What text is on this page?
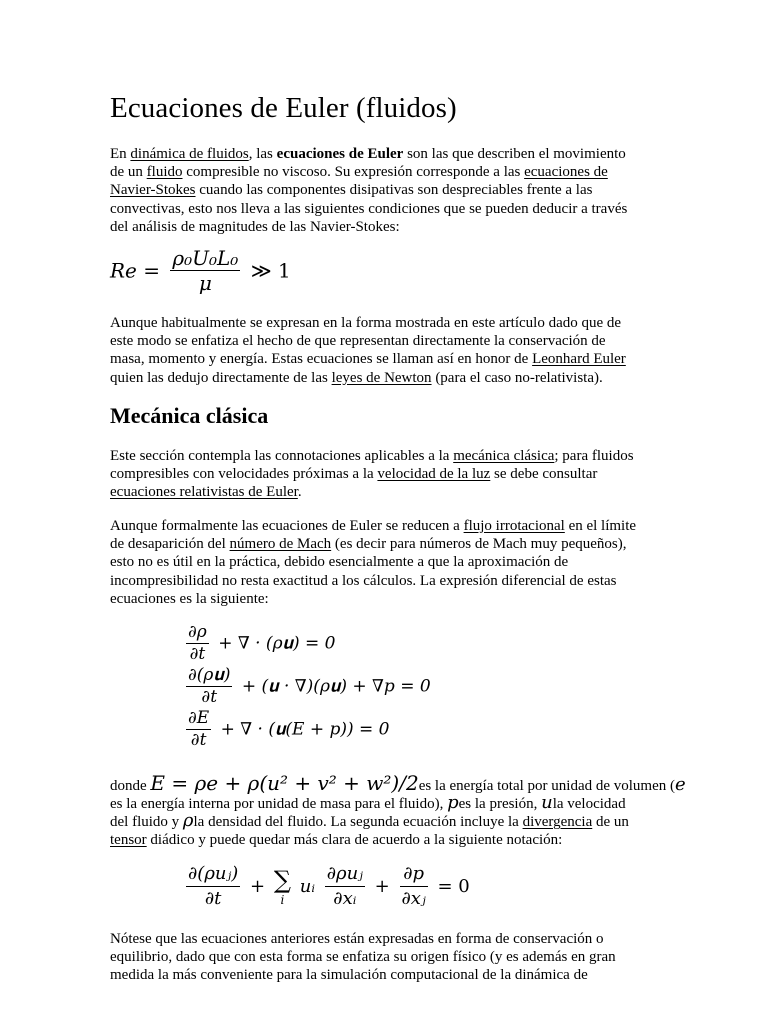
Ecuaciones de Euler (fluidos)
En dinámica de fluidos, las ecuaciones de Euler son las que describen el movimiento
de un fluido compresible no viscoso. Su expresión corresponde a las ecuaciones de
Navier-Stokes cuando las componentes disipativas son despreciables frente a las
convectivas, esto nos lleva a las siguientes condiciones que se pueden deducir a través
del análisis de magnitudes de las Navier-Stokes:
$Re = \frac{\text{ρ₀U₀L₀}}{\mu}$ ≫ 1
Aunque habitualmente se expresan en la forma mostrada en este artículo dado que de
este modo se enfatiza el hecho de que representan directamente la conservación de
masa, momento y energía. Estas ecuaciones se llaman así en honor de Leonhard Euler
quien las dedujo directamente de las leyes de Newton (para el caso no-relativista).
Mecánica clásica
Este sección contempla las connotaciones aplicables a la mecánica clásica; para fluidos
compresibles con velocidades próximas a la velocidad de la luz se debe consultar
ecuaciones relativistas de Euler.
Aunque formalmente las ecuaciones de Euler se reducen a flujo irrotacional en el límite
de desaparición del número de Mach (es decir para números de Mach muy pequeños),
esto no es útil en la práctica, debido esencialmente a que la aproximación de
incompresibilidad no resta exactitud a los cálculos. La expresión diferencial de estas
ecuaciones es la siguiente:
$\frac{\partial\rho}{\partial t}$ + ∇ · (ρ𝐮) = 0
$\frac{\text{∂(ρ𝐮)}}{\partial t}$ + (𝐮 · ∇)(ρ𝐮) + ∇p = 0
$\frac{\partial E}{\partial t}$ + ∇ · (𝐮(E + p)) = 0
donde E = ρe + ρ(u² + v² + w²)/2es la energía total por unidad de volumen (e
es la energía interna por unidad de masa para el fluido), pes la presión, ula velocidad
del fluido y ρla densidad del fluido. La segunda ecuación incluye la divergencia de un
tensor diádico y puede quedar más clara de acuerdo a la siguiente notación:
$\frac{\text{∂(ρuⱼ)}}{\partial t}$ + ∑
i
uᵢ $\frac{\text{∂ρuⱼ}}{\text{∂xᵢ}} + \frac{\partial p}{\text{∂xⱼ}} = 0$
Nótese que las ecuaciones anteriores están expresadas en forma de conservación o
equilibrio, dado que con esta forma se enfatiza su origen físico (y es además en gran
medida la más conveniente para la simulación computacional de la dinámica de
